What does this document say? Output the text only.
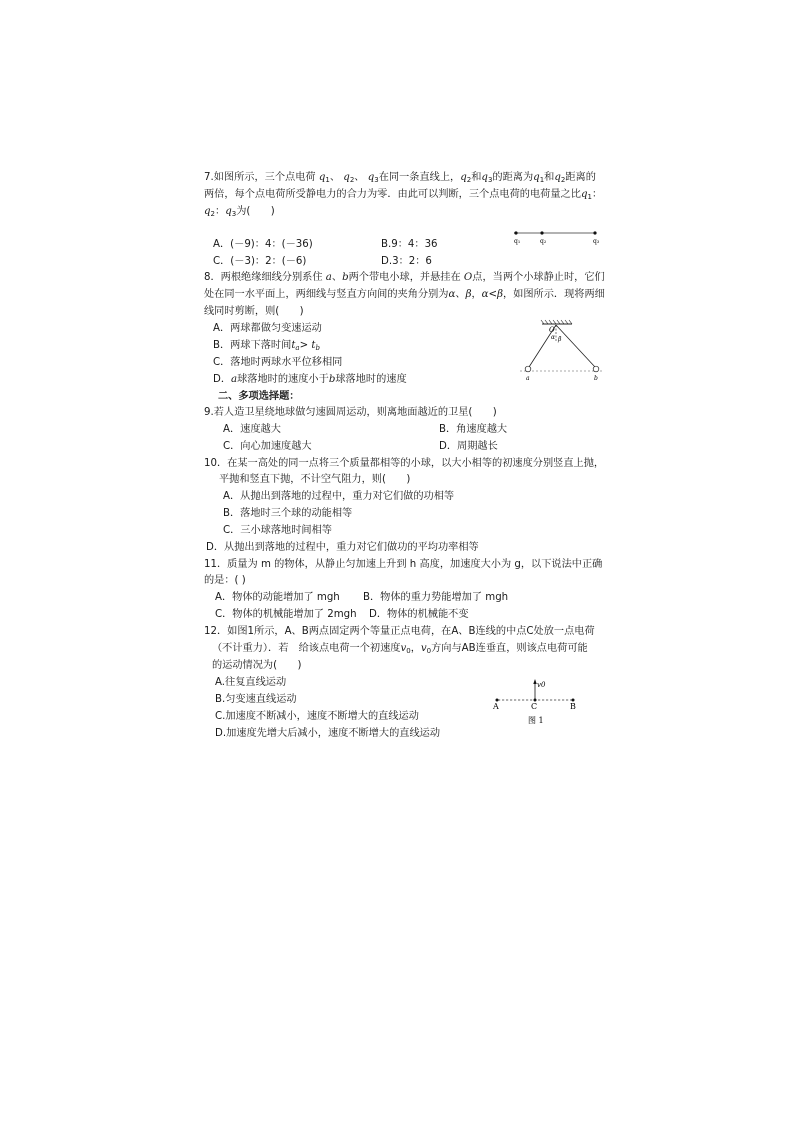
7.如图所示，三个点电荷 $q_1$、 $q_2$、 $q_3$在同一条直线上，$q_2$和$q_3$的距离为$q_1$和$q_2$距离的
两倍，每个点电荷所受静电力的合力为零．由此可以判断，三个点电荷的电荷量之比$q_1$：
$q_2$：$q_3$为(　　)
A．(－9)：4：(－36)	B.9：4：36
C．(－3)：2：(－6)	D.3：2：6
q₁	q₂	q₃
8．两根绝缘细线分别系住 a、b两个带电小球，并悬挂在 O点，当两个小球静止时，它们
处在同一水平面上，两细线与竖直方向间的夹角分别为α、β，α<β，如图所示．现将两细
线同时剪断，则(　　)
A．两球都做匀变速运动
B．两球下落时间$t_a> t_b$
C．落地时两球水平位移相同
D．a球落地时的速度小于b球落地时的速度
O
α β
a	b
二、多项选择题：
9.若人造卫星绕地球做匀速圆周运动，则离地面越近的卫星(　　)
A．速度越大	B．角速度越大
C．向心加速度越大	D．周期越长
10．在某一高处的同一点将三个质量都相等的小球，以大小相等的初速度分别竖直上抛，
平抛和竖直下抛，不计空气阻力，则(　　)
A．从抛出到落地的过程中，重力对它们做的功相等
B．落地时三个球的动能相等
C．三小球落地时间相等
D．从抛出到落地的过程中，重力对它们做功的平均功率相等
11．质量为 m 的物体，从静止匀加速上升到 h 高度，加速度大小为 g，以下说法中正确
的是：( )
A．物体的动能增加了 mgh B．物体的重力势能增加了 mgh
C．物体的机械能增加了 2mgh D．物体的机械能不变
12．如图1所示，A、B两点固定两个等量正点电荷，在A、B连线的中点C处放一点电荷
（不计重力）．若　给该点电荷一个初速度$v_0$，$v_0$方向与AB连垂直，则该点电荷可能
的运动情况为(　　)
A.往复直线运动
B.匀变速直线运动
C.加速度不断减小，速度不断增大的直线运动
D.加速度先增大后减小，速度不断增大的直线运动
v0
A	C	B
图 1
